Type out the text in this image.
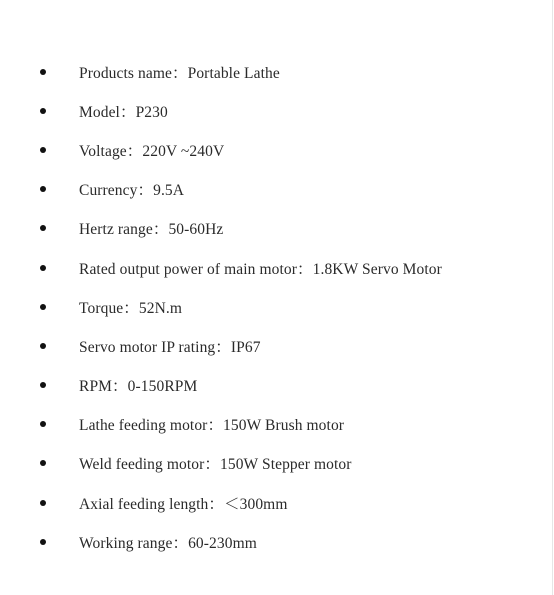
Products name：Portable Lathe
Model：P230
Voltage：220V ~240V
Currency：9.5A
Hertz range：50-60Hz
Rated output power of main motor：1.8KW Servo Motor
Torque：52N.m
Servo motor IP rating：IP67
RPM：0-150RPM
Lathe feeding motor：150W Brush motor
Weld feeding motor：150W Stepper motor
Axial feeding length：＜300mm
Working range：60-230mm
